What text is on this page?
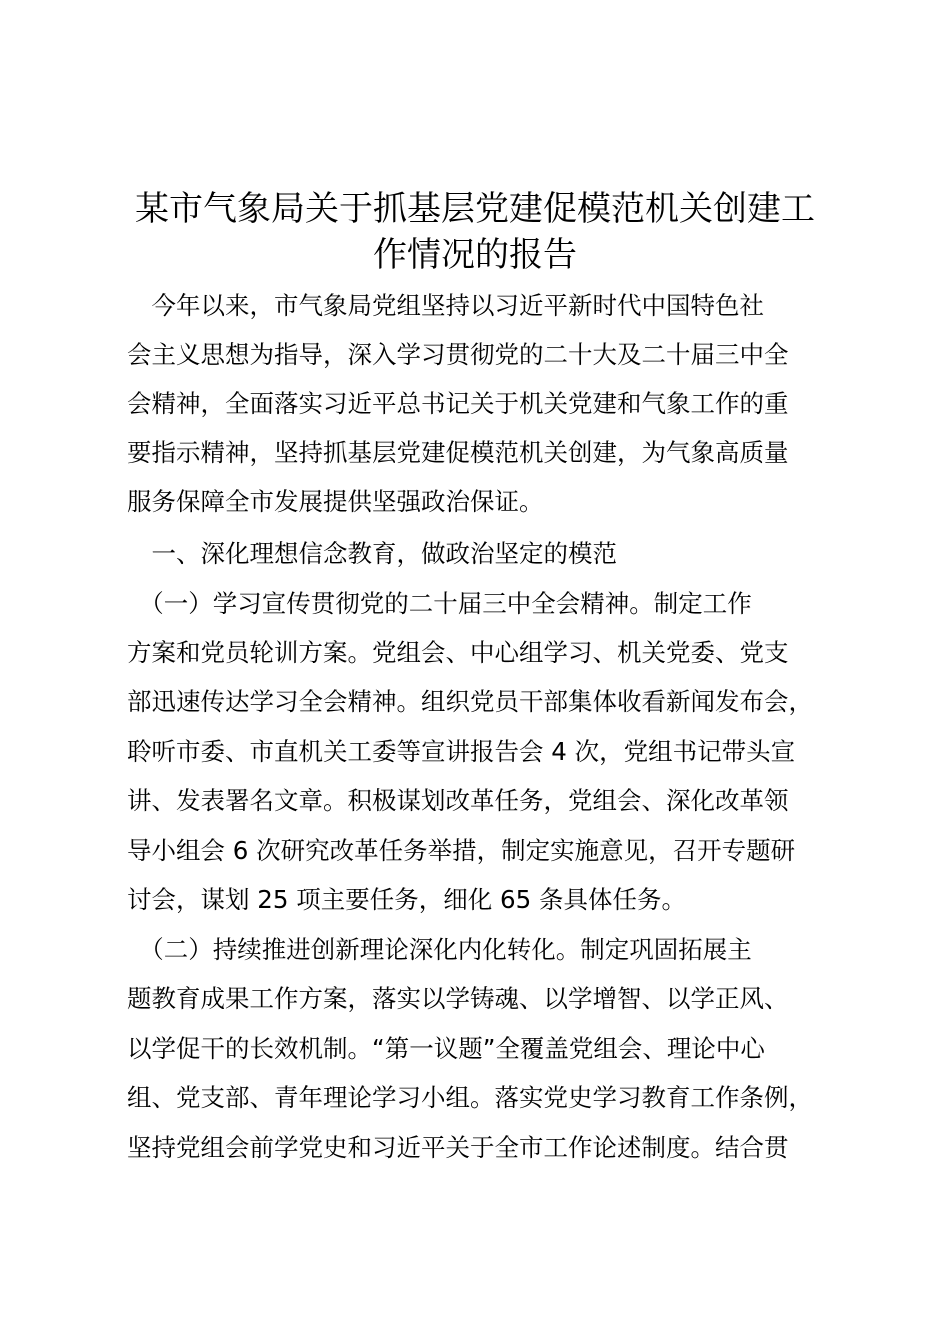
某市气象局关于抓基层党建促模范机关创建工
作情况的报告

　今年以来，市气象局党组坚持以习近平新时代中国特色社

会主义思想为指导，深入学习贯彻党的二十大及二十届三中全

会精神，全面落实习近平总书记关于机关党建和气象工作的重

要指示精神，坚持抓基层党建促模范机关创建，为气象高质量

服务保障全市发展提供坚强政治保证。

　一、深化理想信念教育，做政治坚定的模范

　（一）学习宣传贯彻党的二十届三中全会精神。制定工作

方案和党员轮训方案。党组会、中心组学习、机关党委、党支

部迅速传达学习全会精神。组织党员干部集体收看新闻发布会，

聆听市委、市直机关工委等宣讲报告会 4 次，党组书记带头宣

讲、发表署名文章。积极谋划改革任务，党组会、深化改革领

导小组会 6 次研究改革任务举措，制定实施意见，召开专题研

讨会，谋划 25 项主要任务，细化 65 条具体任务。

　（二）持续推进创新理论深化内化转化。制定巩固拓展主

题教育成果工作方案，落实以学铸魂、以学增智、以学正风、

以学促干的长效机制。“第一议题”全覆盖党组会、理论中心

组、党支部、青年理论学习小组。落实党史学习教育工作条例，

坚持党组会前学党史和习近平关于全市工作论述制度。结合贯
